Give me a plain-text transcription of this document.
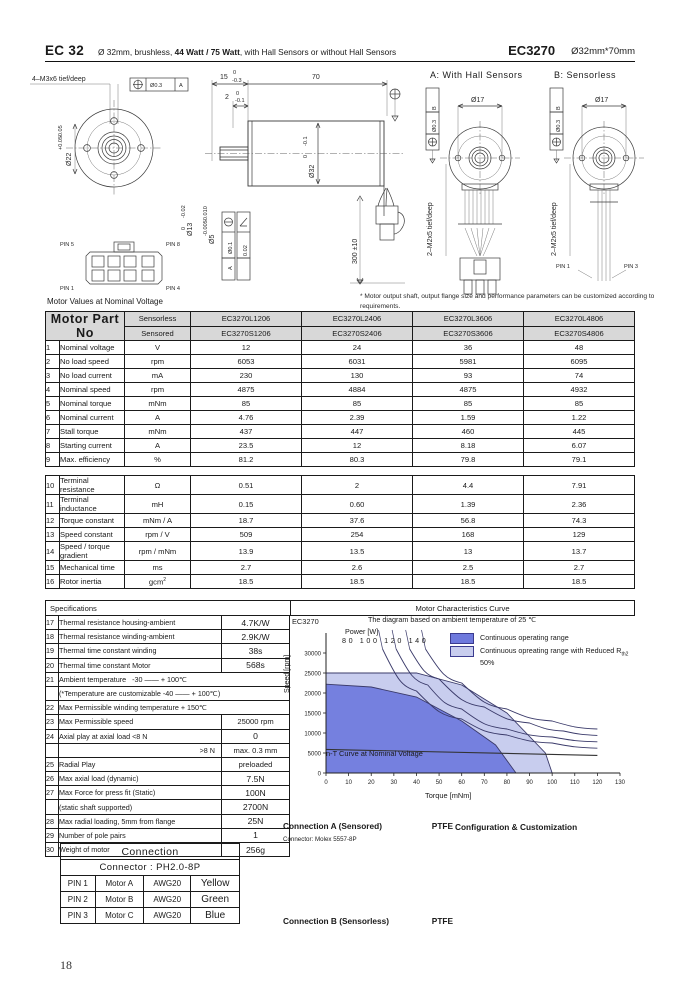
EC 32 Ø 32mm, brushless, 44 Watt / 75 Watt, with Hall Sensors or without Hall Sensors	EC3270 Ø32mm*70mm
4–M3x6 tief/deep
Ø0.3	A
Ø22
+0.05
-0.05
Ø13
0
-0.02
Ø5
-0.005
-0.010
Ø0.1
A
0.02
15
0
-0.3	70
2 0
-0.1
Ø32
0
-0.1
300 ±10
A: With Hall Sensors
B
Ø0.3
2–M2x5 tief/deep
Ø17
B: Sensorless
B
Ø0.3
2–M2x5 tief/deep
Ø17
PIN 1	PIN 3
PIN 5	PIN 8
PIN 1	PIN 4
Motor Values at Nominal Voltage
* Motor output shaft, output flange size and performance parameters can be customized according to requirements.
Motor Part No		Sensorless	EC3270L1206	EC3270L2406	EC3270L3606	EC3270L4806
		Sensored	EC3270S1206	EC3270S2406	EC3270S3606	EC3270S4806
1	Nominal voltage	V	12	24	36	48
2	No load speed	rpm	6053	6031	5981	6095
3	No load current	mA	230	130	93	74
4	Nominal speed	rpm	4875	4884	4875	4932
5	Nominal torque	mNm	85	85	85	85
6	Nominal current	A	4.76	2.39	1.59	1.22
7	Stall torque	mNm	437	447	460	445
8	Starting current	A	23.5	12	8.18	6.07
9	Max. efficiency	%	81.2	80.3	79.8	79.1

10	Terminal resistance	Ω	0.51	2	4.4	7.91
11	Terminal inductance	mH	0.15	0.60	1.39	2.36
12	Torque constant	mNm / A	18.7	37.6	56.8	74.3
13	Speed constant	rpm / V	509	254	168	129
14	Speed / torque gradient	rpm / mNm	13.9	13.5	13	13.7
15	Mechanical time	ms	2.7	2.6	2.5	2.7
16	Rotor inertia	gcm$^2$	18.5	18.5	18.5	18.5
Specifications	Motor Characteristics Curve
17	Thermal resistance housing-ambient	4.7K/W
18	Thermal resistance winding-ambient	2.9K/W
19	Thermal time constant winding	38s
20	Thermal time constant Motor	568s
21	Ambient temperature   -30 —— + 100℃	
	(*Temperature are customizable -40 —— + 100℃)	
22	Max Permissible winding temperature + 150℃	
23	Max Permissible speed	25000 rpm
24	Axial play at axial load <8 N	0
	>8 N	max. 0.3 mm
25	Radial Play	preloaded
26	Max axial load (dynamic)	7.5N
27	Max Force for press fit (Static)	100N
	(static shaft supported)	2700N
28	Max radial loading, 5mm from flange	25N
29	Number of pole pairs	1
30	Weight of motor	256g
Connection			
Connector : PH2.0-8P			
PIN 1	Motor A	AWG20	Yellow
PIN 2	Motor B	AWG20	Green
PIN 3	Motor C	AWG20	Blue
EC3270	The diagram based on ambient temperature of 25 ℃
Power [W]
80 100 120 140	Continuous operating range
Continuous opreating range with Reduced $R_{th2}$ 50%
Speed [rpm]
Torque [mNm]
n-T Curve at Nominal Voltage
0
5000
10000
15000
20000
25000
30000
0	10	20	30	40	50	60	70	80	90 100 110 120 130
Connection A (Sensored)	PTFE
Connector: Molex 5557-8P
Connection B (Sensorless)	PTFE
Configuration & Customization
18
